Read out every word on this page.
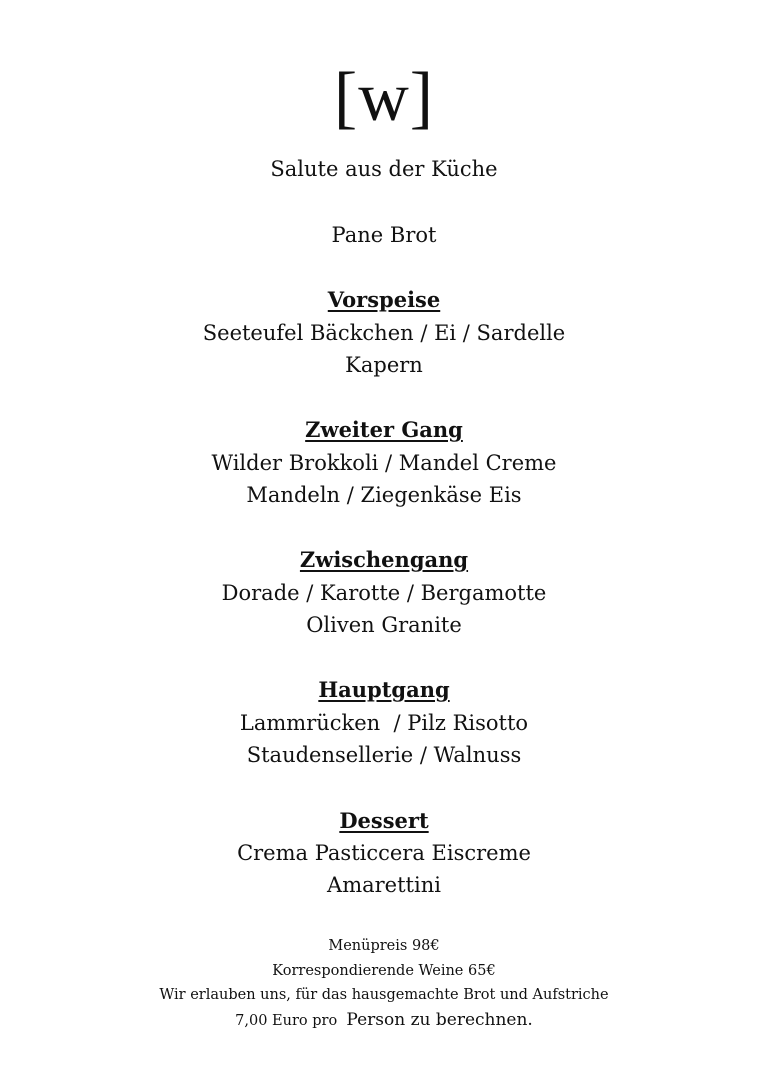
[w]
Salute aus der Küche
Pane Brot
Vorspeise
Seeteufel Bäckchen / Ei / Sardelle
Kapern
Zweiter Gang
Wilder Brokkoli / Mandel Creme
Mandeln / Ziegenkäse Eis
Zwischengang
Dorade / Karotte / Bergamotte
Oliven Granite
Hauptgang
Lammrücken  / Pilz Risotto
Staudensellerie / Walnuss
Dessert
Crema Pasticcera Eiscreme
Amarettini
Menüpreis 98€
Korrespondierende Weine 65€
Wir erlauben uns, für das hausgemachte Brot und Aufstriche
7,00 Euro pro Person zu berechnen.
